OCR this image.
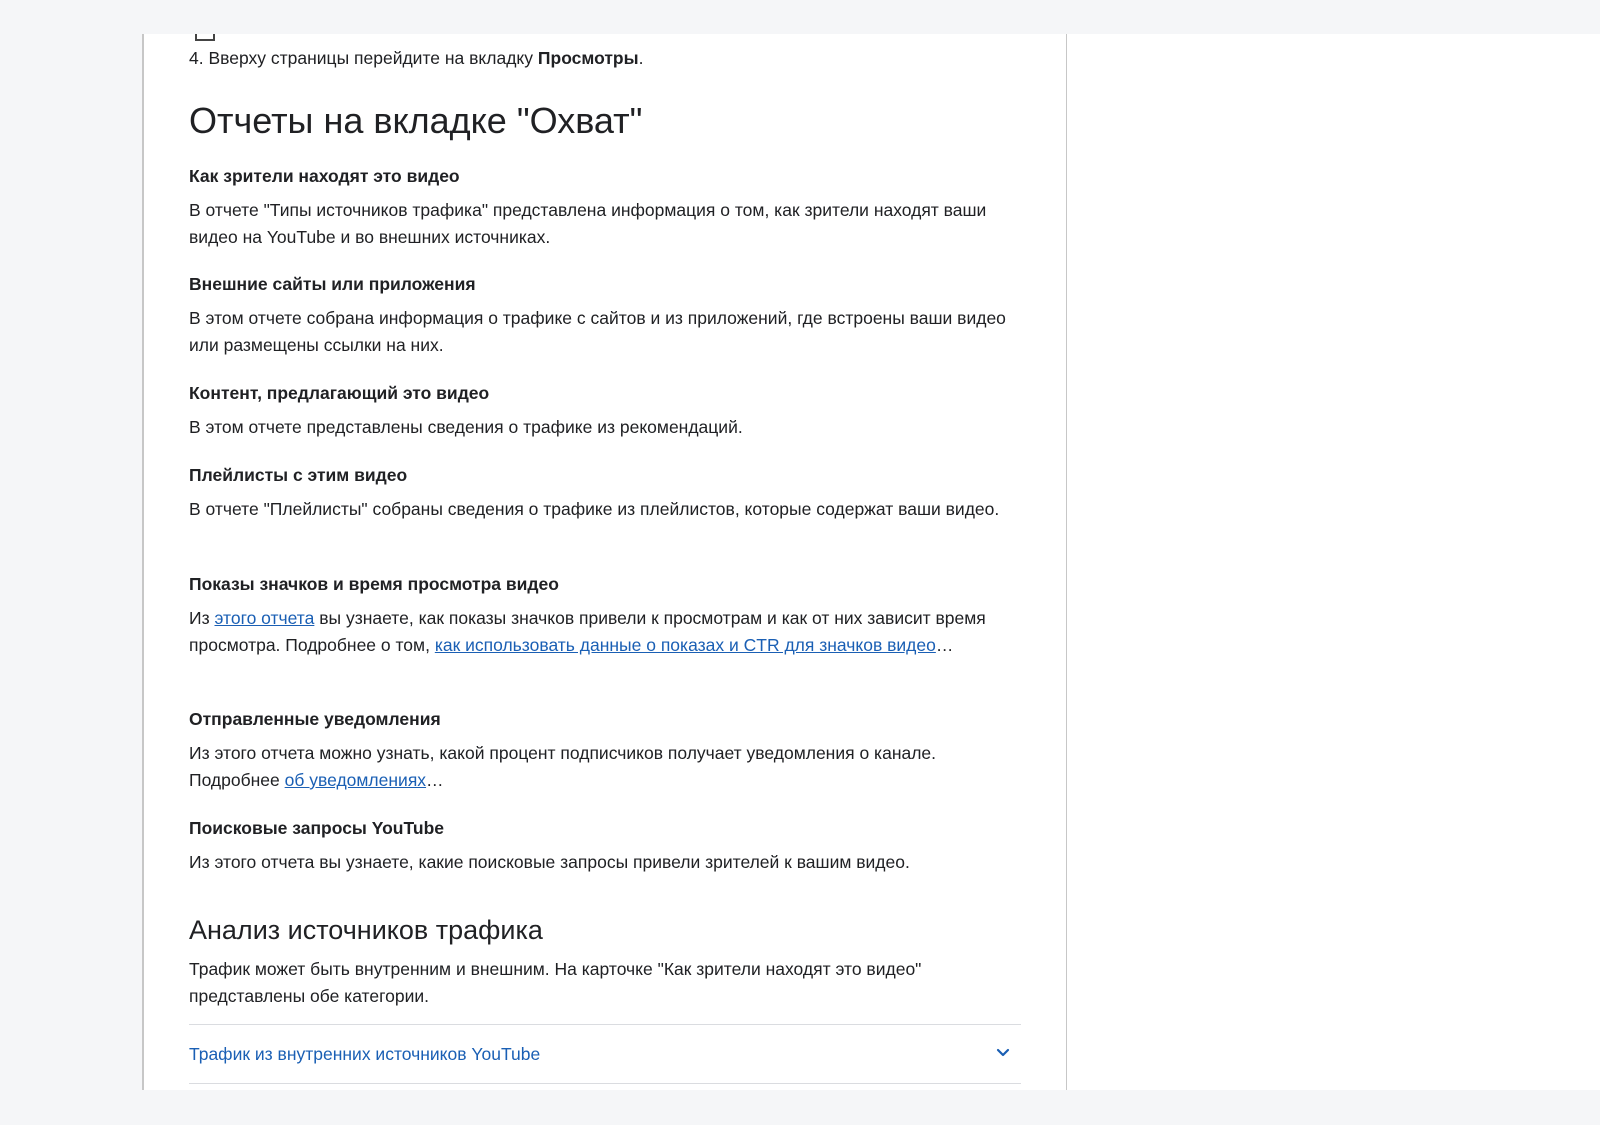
4. Вверху страницы перейдите на вкладку Просмотры.
Отчеты на вкладке "Охват"
Как зрители находят это видео

В отчете "Типы источников трафика" представлена информация о том, как зрители находят ваши видео на YouTube и во внешних источниках.

Внешние сайты или приложения

В этом отчете собрана информация о трафике с сайтов и из приложений, где встроены ваши видео или размещены ссылки на них.

Контент, предлагающий это видео

В этом отчете представлены сведения о трафике из рекомендаций.

Плейлисты с этим видео

В отчете "Плейлисты" собраны сведения о трафике из плейлистов, которые содержат ваши видео.

Показы значков и время просмотра видео

Из этого отчета вы узнаете, как показы значков привели к просмотрам и как от них зависит время просмотра. Подробнее о том, как использовать данные о показах и CTR для значков видео…

Отправленные уведомления

Из этого отчета можно узнать, какой процент подписчиков получает уведомления о канале. Подробнее об уведомлениях…

Поисковые запросы YouTube

Из этого отчета вы узнаете, какие поисковые запросы привели зрителей к вашим видео.

Анализ источников трафика

Трафик может быть внутренним и внешним. На карточке "Как зрители находят это видео" представлены обе категории.

Трафик из внутренних источников YouTube
